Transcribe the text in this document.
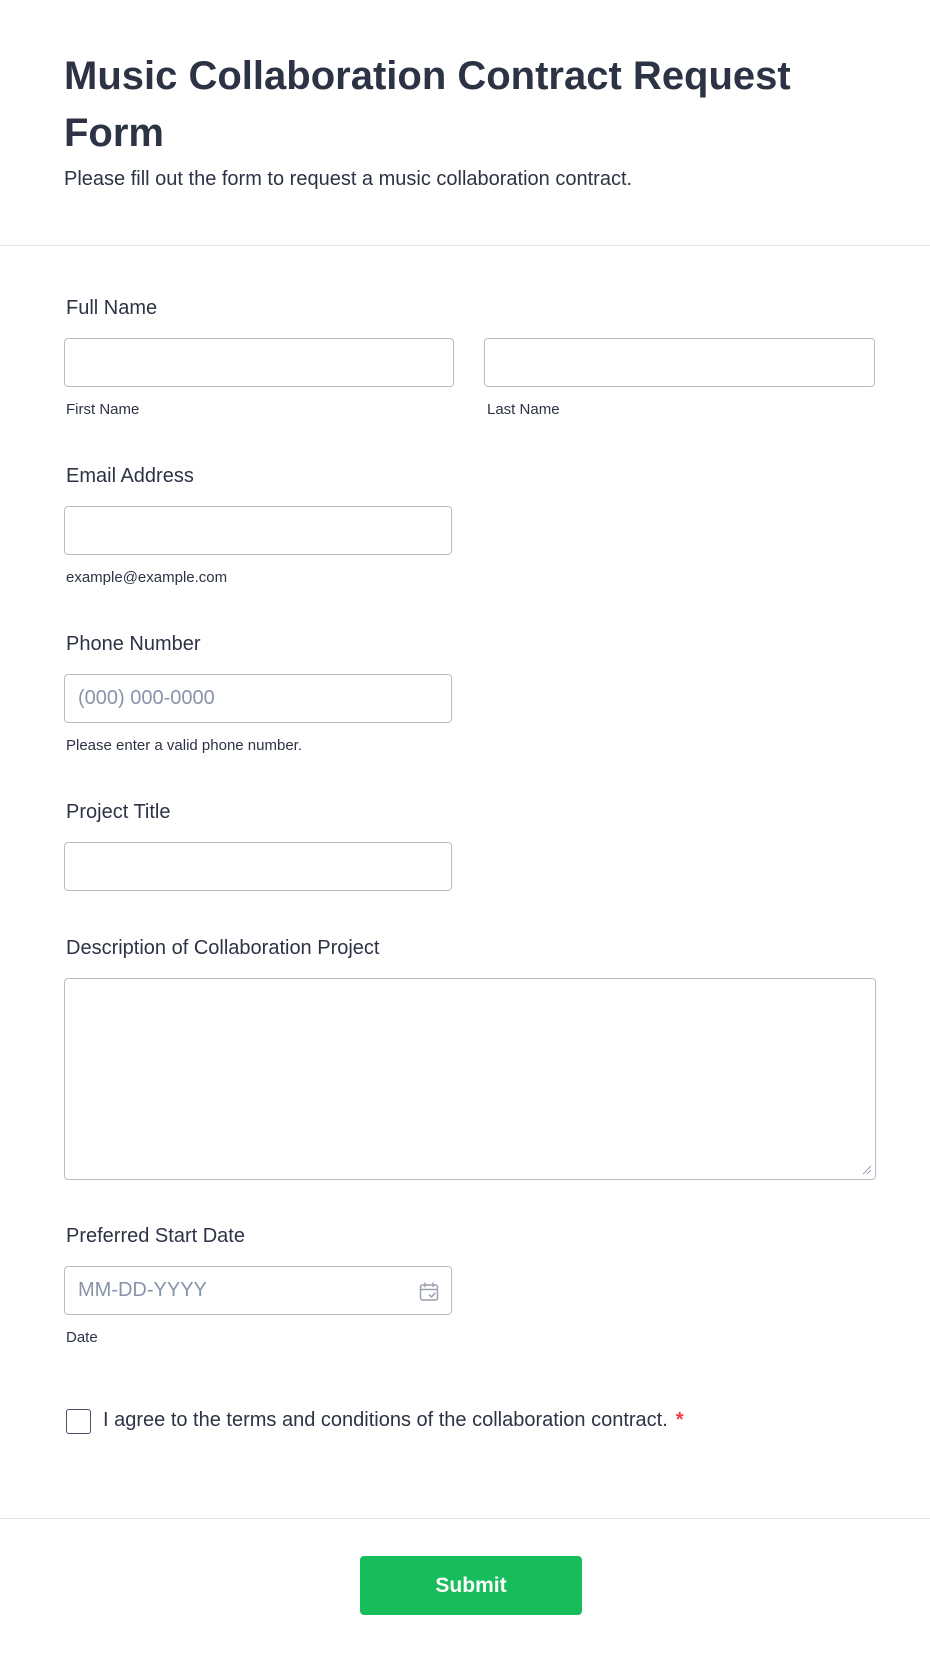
Music Collaboration Contract Request Form

Please fill out the form to request a music collaboration contract.

Full Name
First Name	Last Name
Email Address
example@example.com
Phone Number
(000) 000-0000
Please enter a valid phone number.
Project Title
Description of Collaboration Project
Preferred Start Date
MM-DD-YYYY
Date
I agree to the terms and conditions of the collaboration contract. *
Submit
